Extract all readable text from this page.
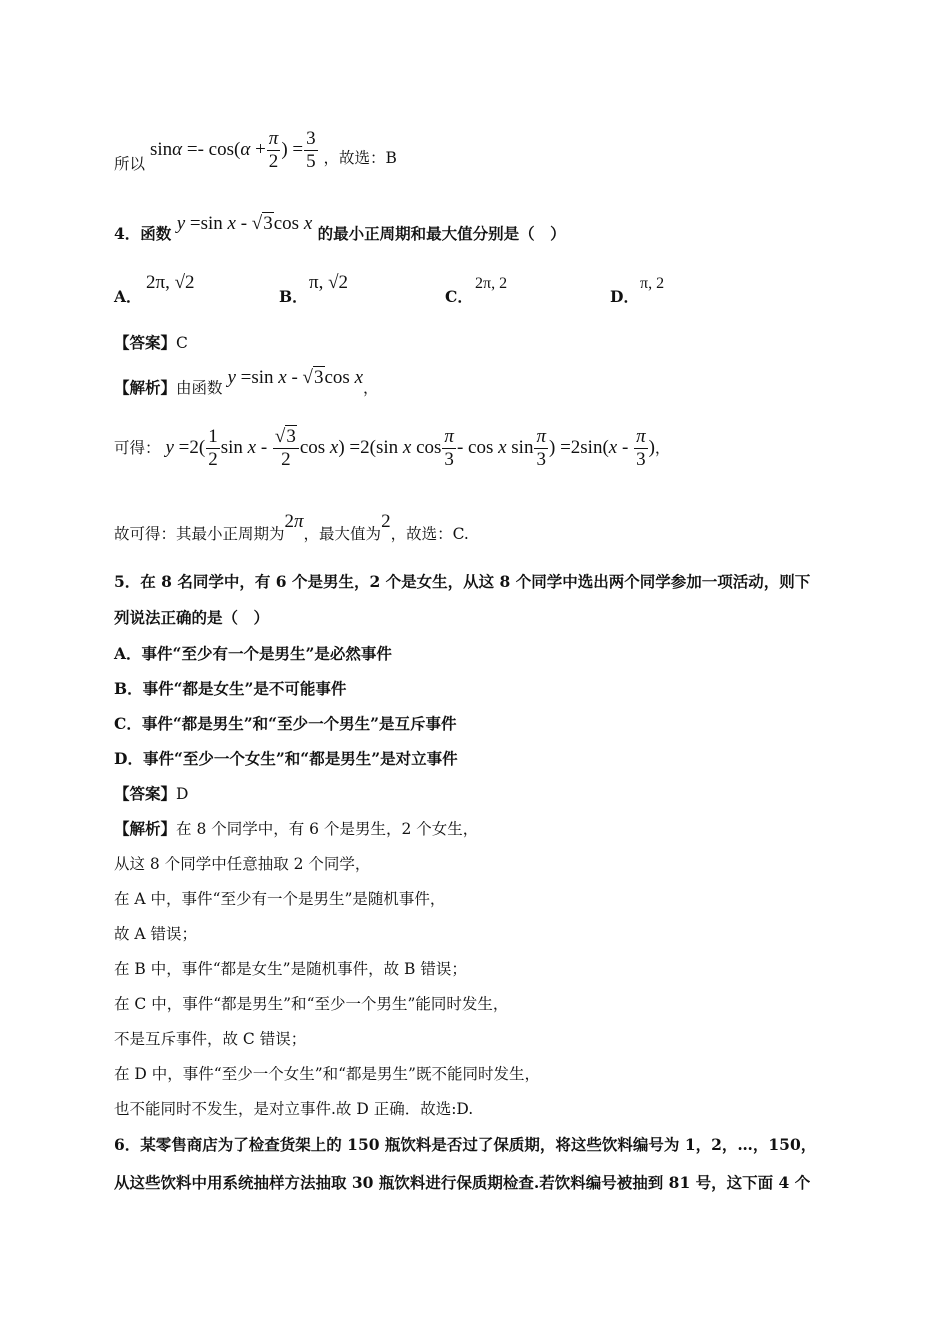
所以 $\sin\alpha =- \cos(\alpha + \frac{\pi}{2}$ ) = $\frac{3}{5}$ ，故选：B
4．函数 y =sin x - √3cos x 的最小正周期和最大值分别是（　）
A．
2π, √2
B．
π, √2
C．
2π, 2
D．
π, 2
【答案】C
【解析】由函数 y =sin x - √3cos x，
可得： $y =2( \frac{1}{2}$ sin x - $\frac{√3}{2}$ cos x) =2(sin x $\cos \frac{\pi}{3}$ - cos x $\sin \frac{\pi}{3}$ ) $=2\sin(x - \frac{\pi}{3}$ )，
故可得：其最小正周期为2π，最大值为2，故选：C.
5．在 8 名同学中，有 6 个是男生，2 个是女生，从这 8 个同学中选出两个同学参加一项活动，则下
列说法正确的是（　）
A．事件“至少有一个是男生”是必然事件
B．事件“都是女生”是不可能事件
C．事件“都是男生”和“至少一个男生”是互斥事件
D．事件“至少一个女生”和“都是男生”是对立事件
【答案】D
【解析】在 8 个同学中，有 6 个是男生，2 个女生，
从这 8 个同学中任意抽取 2 个同学，
在 A 中，事件“至少有一个是男生”是随机事件，
故 A 错误；
在 B 中，事件“都是女生”是随机事件，故 B 错误；
在 C 中，事件“都是男生”和“至少一个男生”能同时发生，
不是互斥事件，故 C 错误；
在 D 中，事件“至少一个女生”和“都是男生”既不能同时发生，
也不能同时不发生，是对立事件.故 D 正确．故选:D.
6．某零售商店为了检查货架上的 150 瓶饮料是否过了保质期，将这些饮料编号为 1，2，…，150，
从这些饮料中用系统抽样方法抽取 30 瓶饮料进行保质期检查.若饮料编号被抽到 81 号，这下面 4 个
